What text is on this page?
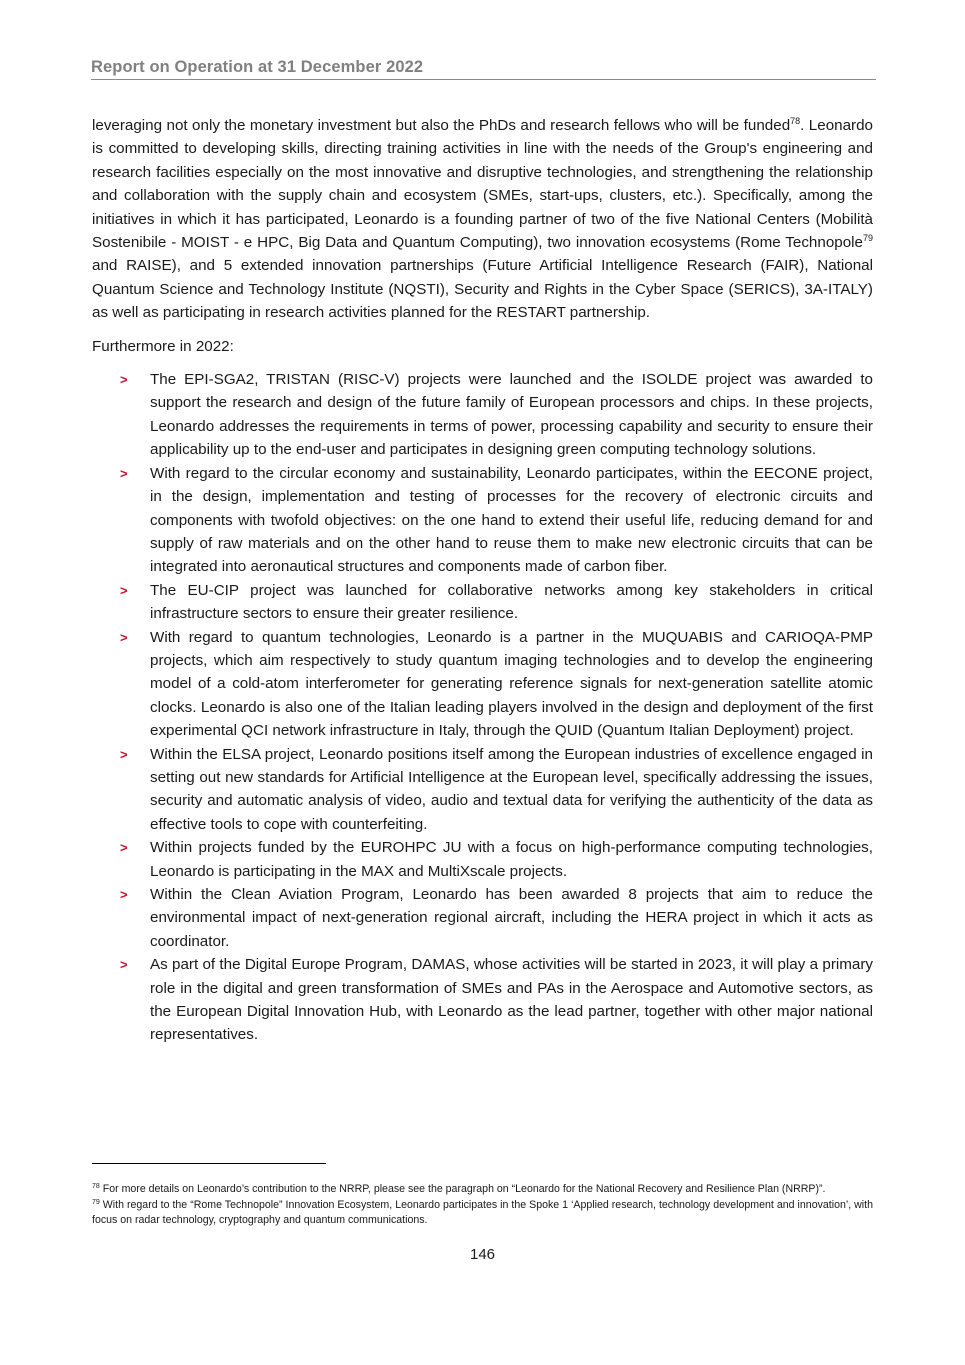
Report on Operation at 31 December 2022

leveraging not only the monetary investment but also the PhDs and research fellows who will be funded$^{78}$. Leonardo is committed to developing skills, directing training activities in line with the needs of the Group's engineering and research facilities especially on the most innovative and disruptive technologies, and strengthening the relationship and collaboration with the supply chain and ecosystem (SMEs, start-ups, clusters, etc.). Specifically, among the initiatives in which it has participated, Leonardo is a founding partner of two of the five National Centers (Mobilità Sostenibile - MOIST - e HPC, Big Data and Quantum Computing), two innovation ecosystems (Rome Technopole$^{79}$ and RAISE), and 5 extended innovation partnerships (Future Artificial Intelligence Research (FAIR), National Quantum Science and Technology Institute (NQSTI), Security and Rights in the Cyber Space (SERICS), 3A-ITALY) as well as participating in research activities planned for the RESTART partnership.

Furthermore in 2022:

> The EPI-SGA2, TRISTAN (RISC-V) projects were launched and the ISOLDE project was awarded to support the research and design of the future family of European processors and chips. In these projects, Leonardo addresses the requirements in terms of power, processing capability and security to ensure their applicability up to the end-user and participates in designing green computing technology solutions.
> With regard to the circular economy and sustainability, Leonardo participates, within the EECONE project, in the design, implementation and testing of processes for the recovery of electronic circuits and components with twofold objectives: on the one hand to extend their useful life, reducing demand for and supply of raw materials and on the other hand to reuse them to make new electronic circuits that can be integrated into aeronautical structures and components made of carbon fiber.
> The EU-CIP project was launched for collaborative networks among key stakeholders in critical infrastructure sectors to ensure their greater resilience.
> With regard to quantum technologies, Leonardo is a partner in the MUQUABIS and CARIOQA-PMP projects, which aim respectively to study quantum imaging technologies and to develop the engineering model of a cold-atom interferometer for generating reference signals for next-generation satellite atomic clocks. Leonardo is also one of the Italian leading players involved in the design and deployment of the first experimental QCI network infrastructure in Italy, through the QUID (Quantum Italian Deployment) project.
> Within the ELSA project, Leonardo positions itself among the European industries of excellence engaged in setting out new standards for Artificial Intelligence at the European level, specifically addressing the issues, security and automatic analysis of video, audio and textual data for verifying the authenticity of the data as effective tools to cope with counterfeiting.
> Within projects funded by the EUROHPC JU with a focus on high-performance computing technologies, Leonardo is participating in the MAX and MultiXscale projects.
> Within the Clean Aviation Program, Leonardo has been awarded 8 projects that aim to reduce the environmental impact of next-generation regional aircraft, including the HERA project in which it acts as coordinator.
> As part of the Digital Europe Program, DAMAS, whose activities will be started in 2023, it will play a primary role in the digital and green transformation of SMEs and PAs in the Aerospace and Automotive sectors, as the European Digital Innovation Hub, with Leonardo as the lead partner, together with other major national representatives.

$^{78}$ For more details on Leonardo’s contribution to the NRRP, please see the paragraph on “Leonardo for the National Recovery and Resilience Plan (NRRP)”.

$^{79}$ With regard to the “Rome Technopole” Innovation Ecosystem, Leonardo participates in the Spoke 1 ‘Applied research, technology development and innovation’, with focus on radar technology, cryptography and quantum communications.

146
